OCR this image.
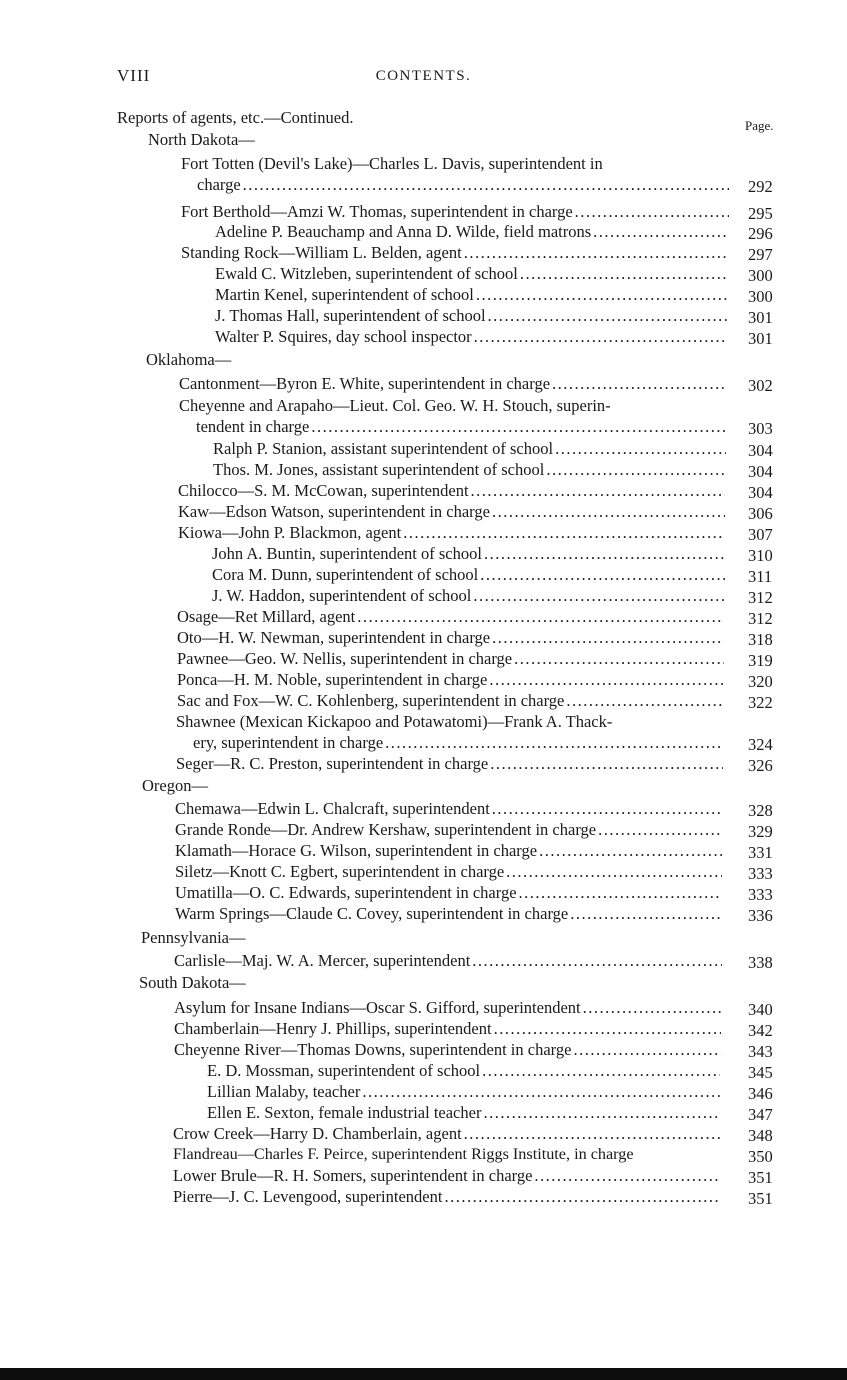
VIII	CONTENTS.
Reports of agents, etc.—Continued.	Page.
North Dakota—
Fort Totten (Devil's Lake)—Charles L. Davis, superintendent in
charge .....	292
Fort Berthold—Amzi W. Thomas, superintendent in charge .....	295
Adeline P. Beauchamp and Anna D. Wilde, field matrons .....	296
Standing Rock—William L. Belden, agent .....	297
Ewald C. Witzleben, superintendent of school .....	300
Martin Kenel, superintendent of school .....	300
J. Thomas Hall, superintendent of school .....	301
Walter P. Squires, day school inspector .....	301
Oklahoma—
Cantonment—Byron E. White, superintendent in charge .....	302
Cheyenne and Arapaho—Lieut. Col. Geo. W. H. Stouch, superin-
tendent in charge .....	303
Ralph P. Stanion, assistant superintendent of school .....	304
Thos. M. Jones, assistant superintendent of school .....	304
Chilocco—S. M. McCowan, superintendent .....	304
Kaw—Edson Watson, superintendent in charge .....	306
Kiowa—John P. Blackmon, agent .....	307
John A. Buntin, superintendent of school .....	310
Cora M. Dunn, superintendent of school .....	311
J. W. Haddon, superintendent of school .....	312
Osage—Ret Millard, agent .....	312
Oto—H. W. Newman, superintendent in charge .....	318
Pawnee—Geo. W. Nellis, superintendent in charge .....	319
Ponca—H. M. Noble, superintendent in charge .....	320
Sac and Fox—W. C. Kohlenberg, superintendent in charge .....	322
Shawnee (Mexican Kickapoo and Potawatomi)—Frank A. Thack-
ery, superintendent in charge .....	324
Seger—R. C. Preston, superintendent in charge .....	326
Oregon—
Chemawa—Edwin L. Chalcraft, superintendent .....	328
Grande Ronde—Dr. Andrew Kershaw, superintendent in charge .....	329
Klamath—Horace G. Wilson, superintendent in charge .....	331
Siletz—Knott C. Egbert, superintendent in charge .....	333
Umatilla—O. C. Edwards, superintendent in charge .....	333
Warm Springs—Claude C. Covey, superintendent in charge .....	336
Pennsylvania—
Carlisle—Maj. W. A. Mercer, superintendent .....	338
South Dakota—
Asylum for Insane Indians—Oscar S. Gifford, superintendent .....	340
Chamberlain—Henry J. Phillips, superintendent .....	342
Cheyenne River—Thomas Downs, superintendent in charge .....	343
E. D. Mossman, superintendent of school .....	345
Lillian Malaby, teacher .....	346
Ellen E. Sexton, female industrial teacher .....	347
Crow Creek—Harry D. Chamberlain, agent .....	348
Flandreau—Charles F. Peirce, superintendent Riggs Institute, in charge	350
Lower Brule—R. H. Somers, superintendent in charge .....	351
Pierre—J. C. Levengood, superintendent .....	351
